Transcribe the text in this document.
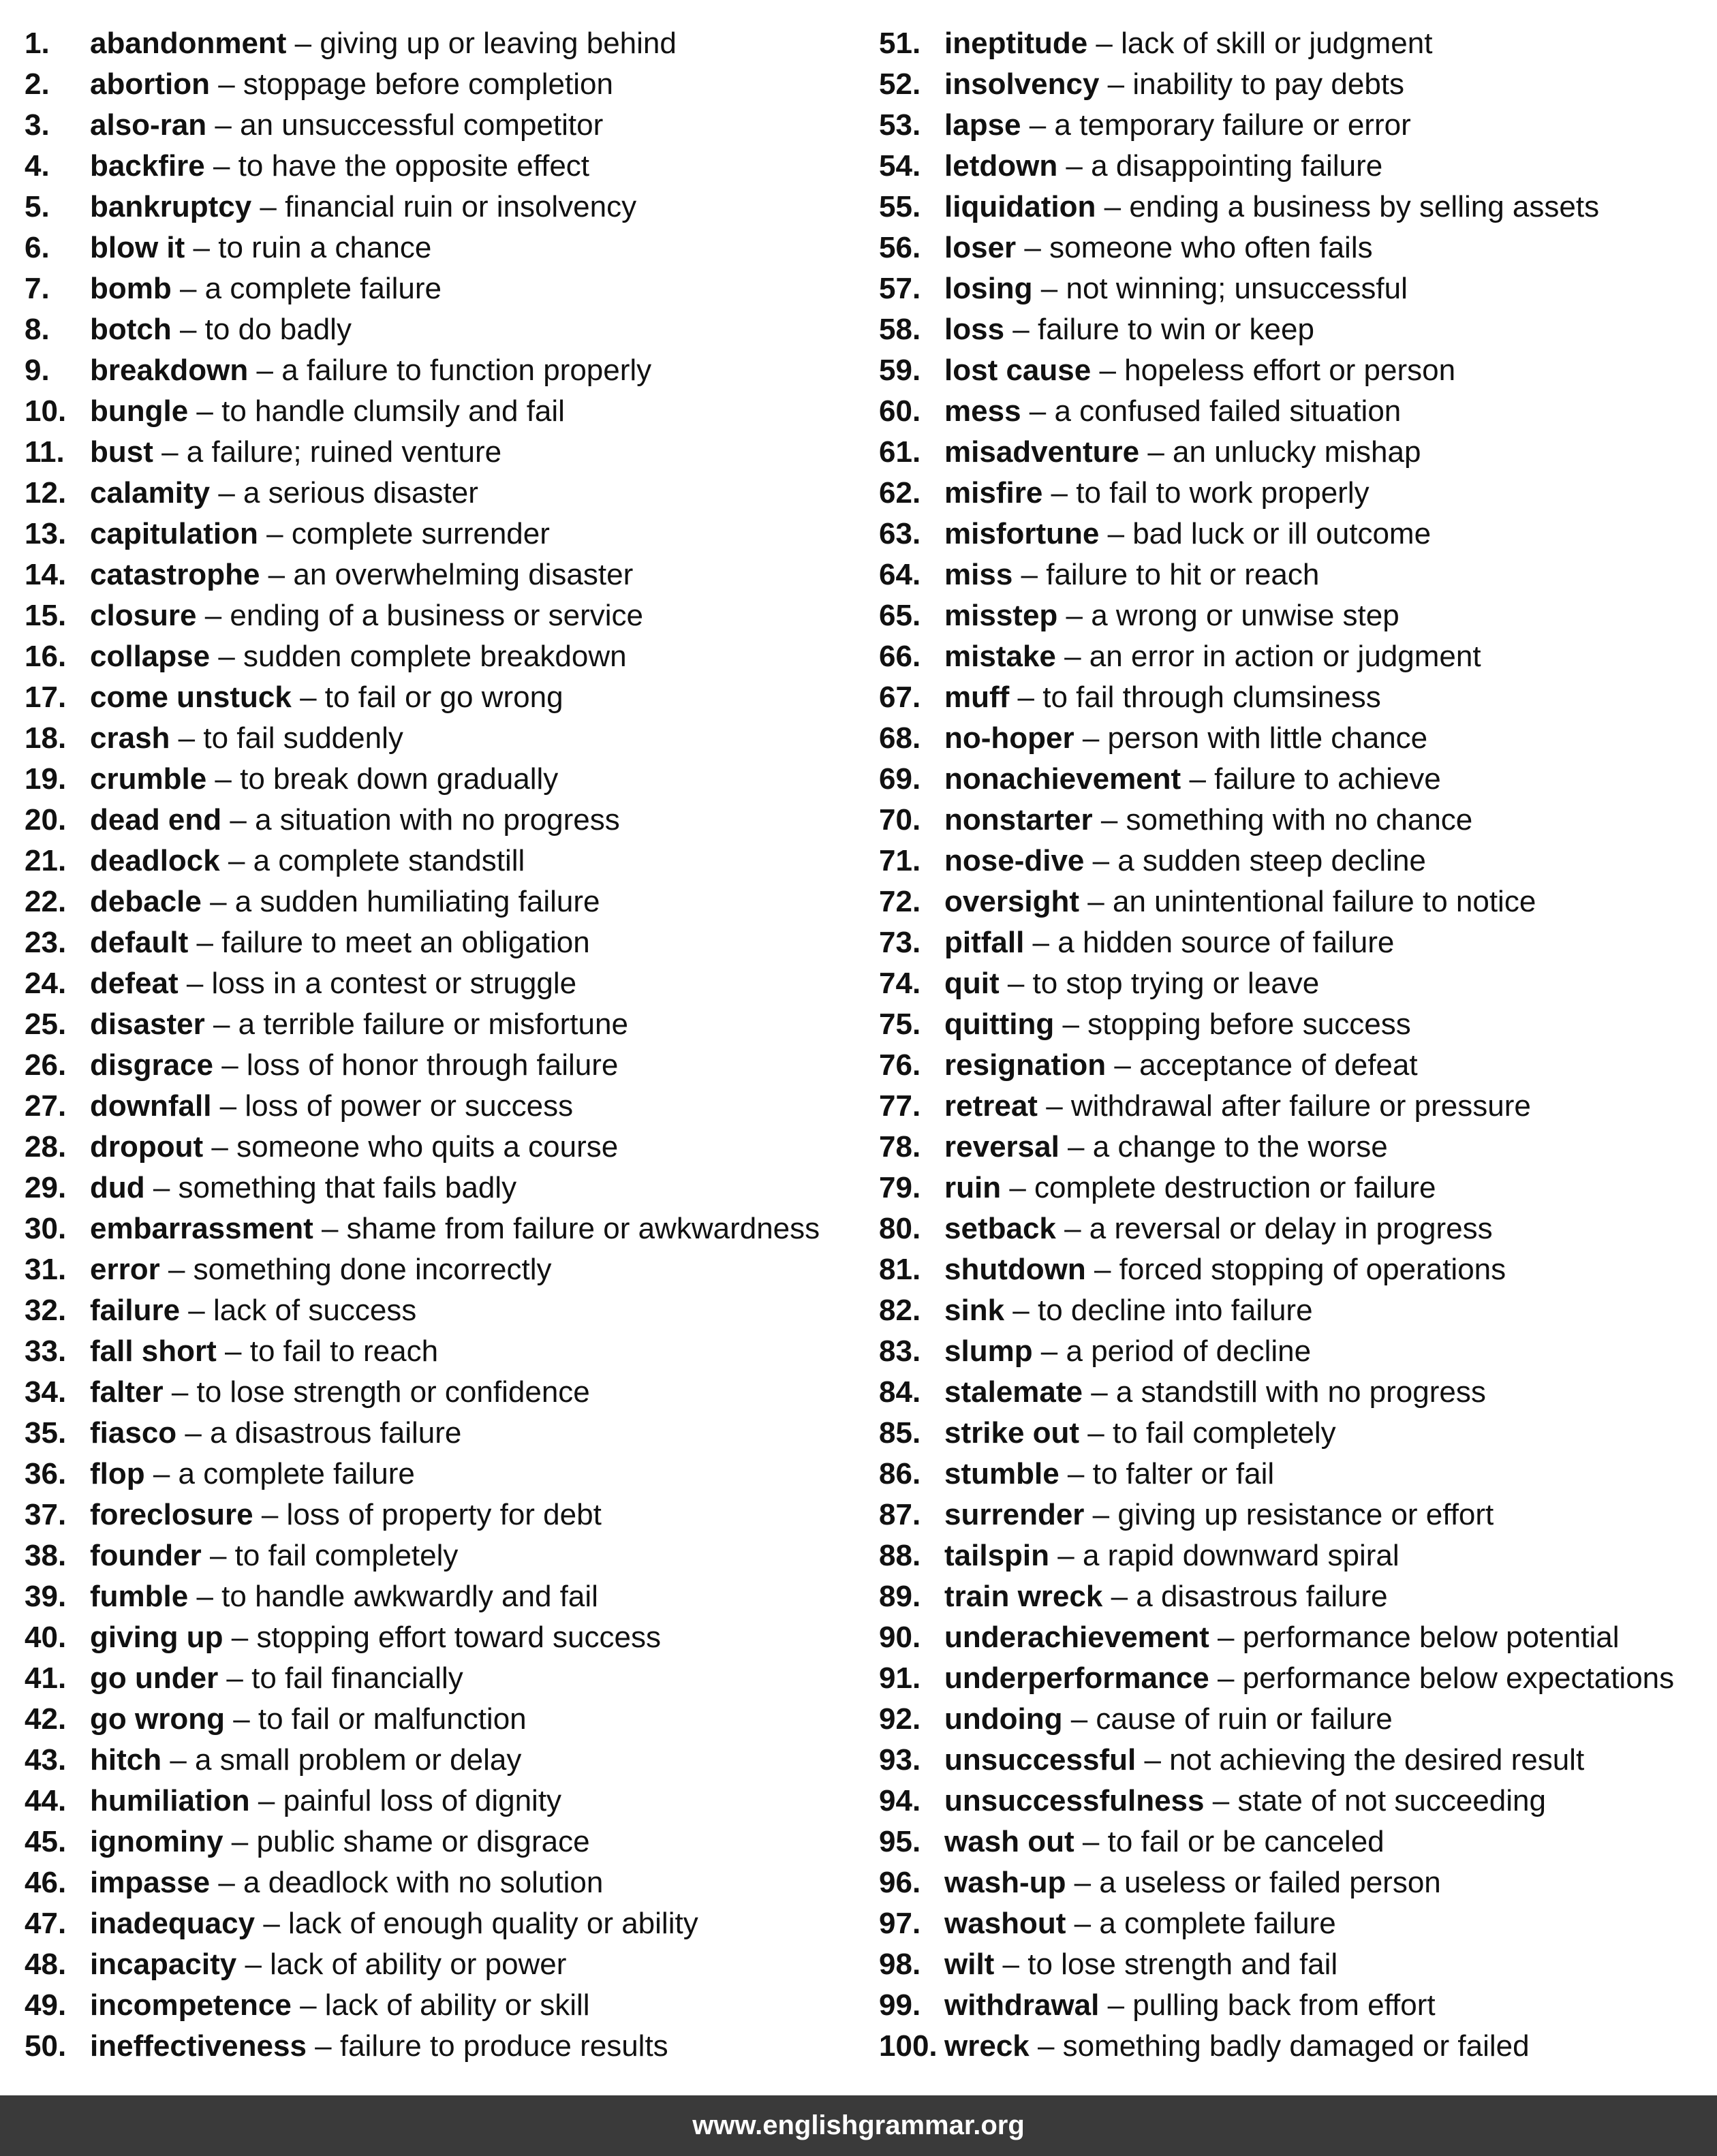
1. abandonment – giving up or leaving behind
2. abortion – stoppage before completion
3. also-ran – an unsuccessful competitor
4. backfire – to have the opposite effect
5. bankruptcy – financial ruin or insolvency
6. blow it – to ruin a chance
7. bomb – a complete failure
8. botch – to do badly
9. breakdown – a failure to function properly
10. bungle – to handle clumsily and fail
11. bust – a failure; ruined venture
12. calamity – a serious disaster
13. capitulation – complete surrender
14. catastrophe – an overwhelming disaster
15. closure – ending of a business or service
16. collapse – sudden complete breakdown
17. come unstuck – to fail or go wrong
18. crash – to fail suddenly
19. crumble – to break down gradually
20. dead end – a situation with no progress
21. deadlock – a complete standstill
22. debacle – a sudden humiliating failure
23. default – failure to meet an obligation
24. defeat – loss in a contest or struggle
25. disaster – a terrible failure or misfortune
26. disgrace – loss of honor through failure
27. downfall – loss of power or success
28. dropout – someone who quits a course
29. dud – something that fails badly
30. embarrassment – shame from failure or awkwardness
31. error – something done incorrectly
32. failure – lack of success
33. fall short – to fail to reach
34. falter – to lose strength or confidence
35. fiasco – a disastrous failure
36. flop – a complete failure
37. foreclosure – loss of property for debt
38. founder – to fail completely
39. fumble – to handle awkwardly and fail
40. giving up – stopping effort toward success
41. go under – to fail financially
42. go wrong – to fail or malfunction
43. hitch – a small problem or delay
44. humiliation – painful loss of dignity
45. ignominy – public shame or disgrace
46. impasse – a deadlock with no solution
47. inadequacy – lack of enough quality or ability
48. incapacity – lack of ability or power
49. incompetence – lack of ability or skill
50. ineffectiveness – failure to produce results
51. ineptitude – lack of skill or judgment
52. insolvency – inability to pay debts
53. lapse – a temporary failure or error
54. letdown – a disappointing failure
55. liquidation – ending a business by selling assets
56. loser – someone who often fails
57. losing – not winning; unsuccessful
58. loss – failure to win or keep
59. lost cause – hopeless effort or person
60. mess – a confused failed situation
61. misadventure – an unlucky mishap
62. misfire – to fail to work properly
63. misfortune – bad luck or ill outcome
64. miss – failure to hit or reach
65. misstep – a wrong or unwise step
66. mistake – an error in action or judgment
67. muff – to fail through clumsiness
68. no-hoper – person with little chance
69. nonachievement – failure to achieve
70. nonstarter – something with no chance
71. nose-dive – a sudden steep decline
72. oversight – an unintentional failure to notice
73. pitfall – a hidden source of failure
74. quit – to stop trying or leave
75. quitting – stopping before success
76. resignation – acceptance of defeat
77. retreat – withdrawal after failure or pressure
78. reversal – a change to the worse
79. ruin – complete destruction or failure
80. setback – a reversal or delay in progress
81. shutdown – forced stopping of operations
82. sink – to decline into failure
83. slump – a period of decline
84. stalemate – a standstill with no progress
85. strike out – to fail completely
86. stumble – to falter or fail
87. surrender – giving up resistance or effort
88. tailspin – a rapid downward spiral
89. train wreck – a disastrous failure
90. underachievement – performance below potential
91. underperformance – performance below expectations
92. undoing – cause of ruin or failure
93. unsuccessful – not achieving the desired result
94. unsuccessfulness – state of not succeeding
95. wash out – to fail or be canceled
96. wash-up – a useless or failed person
97. washout – a complete failure
98. wilt – to lose strength and fail
99. withdrawal – pulling back from effort
100. wreck – something badly damaged or failed
www.englishgrammar.org
